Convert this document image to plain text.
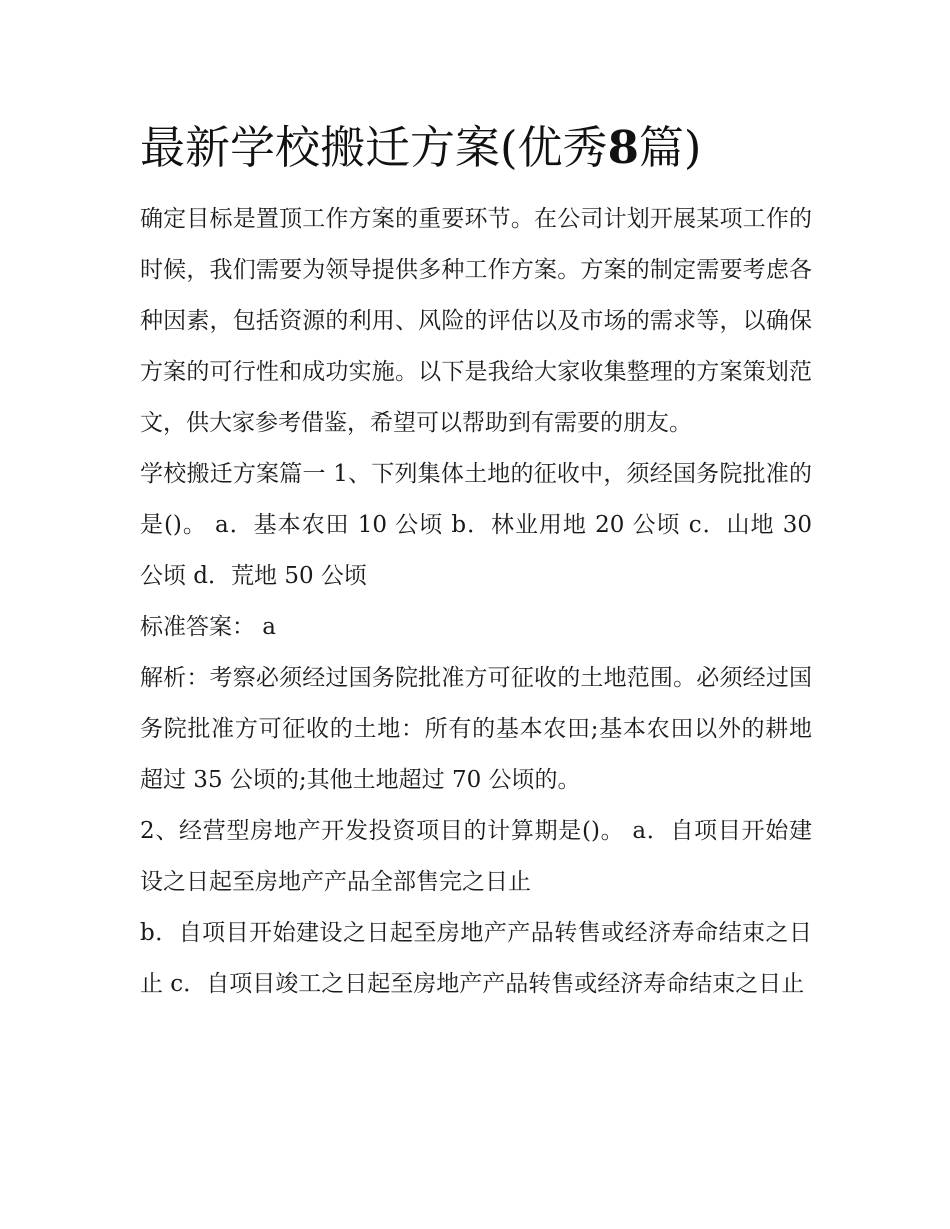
最新学校搬迁方案(优秀8篇)

确定目标是置顶工作方案的重要环节。在公司计划开展某项工作的时候，我们需要为领导提供多种工作方案。方案的制定需要考虑各种因素，包括资源的利用、风险的评估以及市场的需求等，以确保方案的可行性和成功实施。以下是我给大家收集整理的方案策划范文，供大家参考借鉴，希望可以帮助到有需要的朋友。

学校搬迁方案篇一 1、下列集体土地的征收中，须经国务院批准的是()。 a．基本农田 10 公顷 b．林业用地 20 公顷 c．山地 30 公顷 d．荒地 50 公顷

标准答案： a

解析：考察必须经过国务院批准方可征收的土地范围。必须经过国务院批准方可征收的土地：所有的基本农田;基本农田以外的耕地超过 35 公顷的;其他土地超过 70 公顷的。

2、经营型房地产开发投资项目的计算期是()。 a．自项目开始建设之日起至房地产产品全部售完之日止

b．自项目开始建设之日起至房地产产品转售或经济寿命结束之日止 c．自项目竣工之日起至房地产产品转售或经济寿命结束之日止
